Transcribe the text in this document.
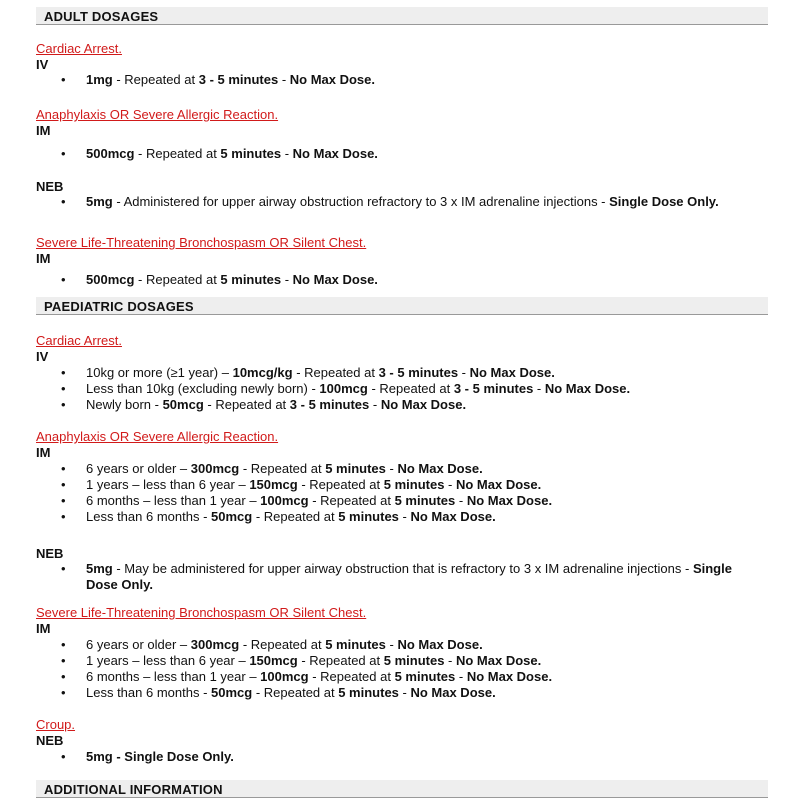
ADULT DOSAGES
Cardiac Arrest.
IV
• 1mg - Repeated at 3 - 5 minutes - No Max Dose.
Anaphylaxis OR Severe Allergic Reaction.
IM
• 500mcg - Repeated at 5 minutes - No Max Dose.
NEB
• 5mg - Administered for upper airway obstruction refractory to 3 x IM adrenaline injections - Single Dose Only.
Severe Life-Threatening Bronchospasm OR Silent Chest.
IM
• 500mcg - Repeated at 5 minutes - No Max Dose.
PAEDIATRIC DOSAGES
Cardiac Arrest.
IV
• 10kg or more (≥1 year) – 10mcg/kg - Repeated at 3 - 5 minutes - No Max Dose.
• Less than 10kg (excluding newly born) - 100mcg - Repeated at 3 - 5 minutes - No Max Dose.
• Newly born - 50mcg - Repeated at 3 - 5 minutes - No Max Dose.
Anaphylaxis OR Severe Allergic Reaction.
IM
• 6 years or older – 300mcg - Repeated at 5 minutes - No Max Dose.
• 1 years – less than 6 year – 150mcg - Repeated at 5 minutes - No Max Dose.
• 6 months – less than 1 year – 100mcg - Repeated at 5 minutes - No Max Dose.
• Less than 6 months - 50mcg - Repeated at 5 minutes - No Max Dose.
NEB
• 5mg - May be administered for upper airway obstruction that is refractory to 3 x IM adrenaline injections - Single Dose Only.
Severe Life-Threatening Bronchospasm OR Silent Chest.
IM
• 6 years or older – 300mcg - Repeated at 5 minutes - No Max Dose.
• 1 years – less than 6 year – 150mcg - Repeated at 5 minutes - No Max Dose.
• 6 months – less than 1 year – 100mcg - Repeated at 5 minutes - No Max Dose.
• Less than 6 months - 50mcg - Repeated at 5 minutes - No Max Dose.
Croup.
NEB
• 5mg - Single Dose Only.
ADDITIONAL INFORMATION
